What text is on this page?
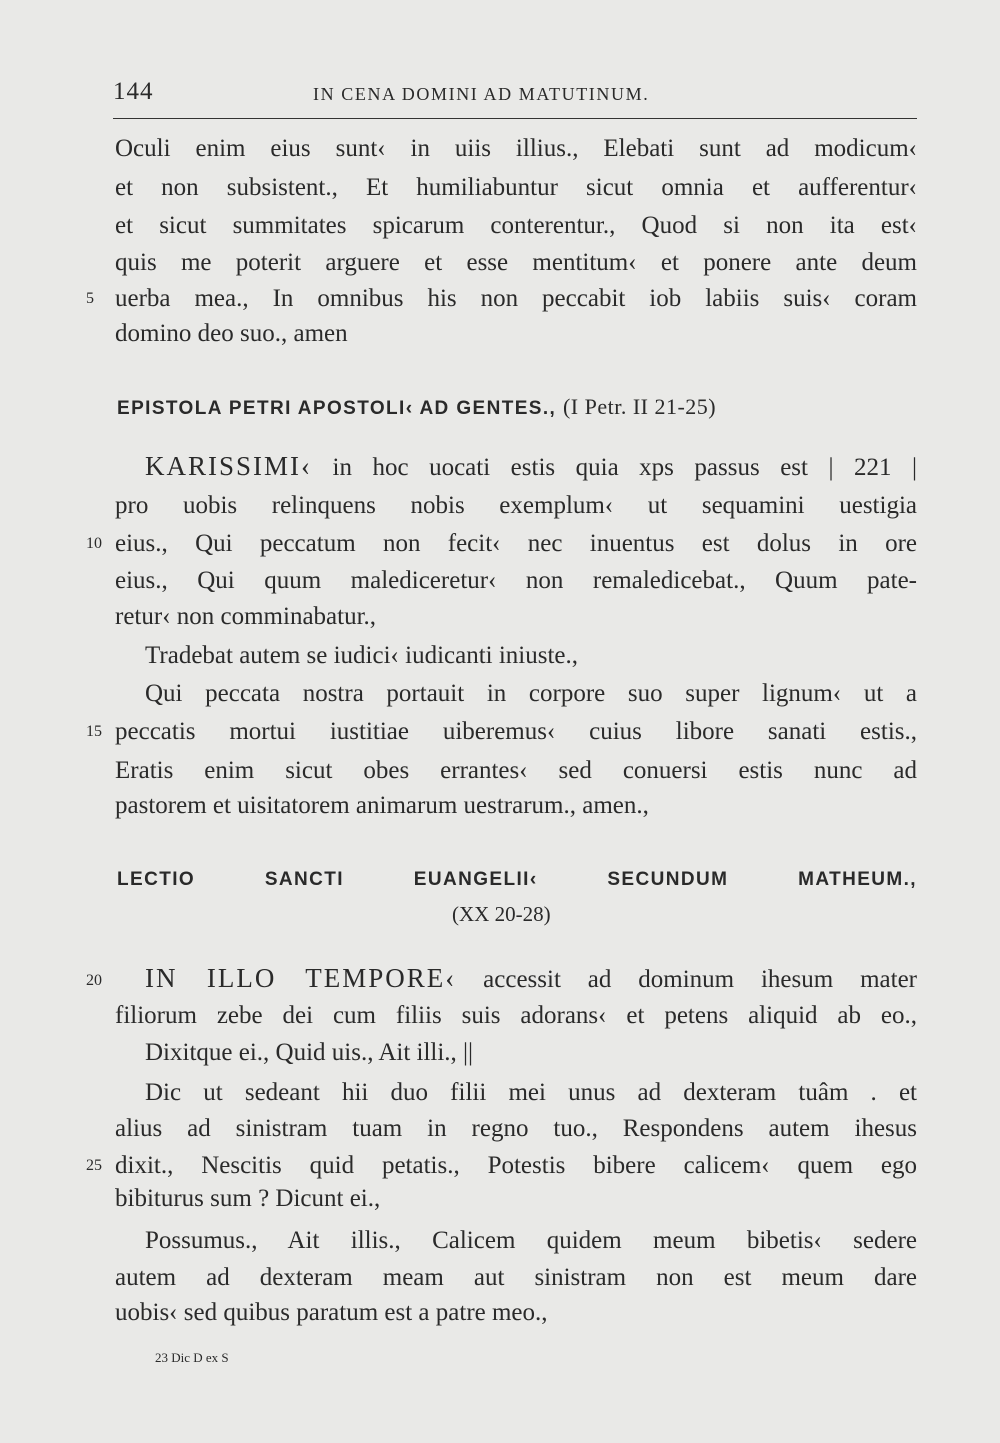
144	IN CENA DOMINI AD MATUTINUM.
Oculi enim eius sunt‹ in uiis illius., Elebati sunt ad modicum‹
et non subsistent., Et humiliabuntur sicut omnia et aufferentur‹
et sicut summitates spicarum conterentur., Quod si non ita est‹
quis me poterit arguere et esse mentitum‹ et ponere ante deum
5 uerba mea., In omnibus his non peccabit iob labiis suis‹ coram
domino deo suo., amen
EPISTOLA PETRI APOSTOLI‹ AD GENTES., (I Petr. II 21-25)
KARISSIMI‹ in hoc uocati estis quia xps passus est | 221 |
pro uobis relinquens nobis exemplum‹ ut sequamini uestigia
10 eius., Qui peccatum non fecit‹ nec inuentus est dolus in ore
eius., Qui quum malediceretur‹ non remaledicebat., Quum pate-
retur‹ non comminabatur.,
Tradebat autem se iudici‹ iudicanti iniuste.,
Qui peccata nostra portauit in corpore suo super lignum‹ ut a
15 peccatis mortui iustitiae uiberemus‹ cuius libore sanati estis.,
Eratis enim sicut obes errantes‹ sed conuersi estis nunc ad
pastorem et uisitatorem animarum uestrarum., amen.,
LECTIO SANCTI EUANGELII‹ SECUNDUM MATHEUM.,
(XX 20-28)
20	IN ILLO TEMPORE‹ accessit ad dominum ihesum mater
filiorum zebe dei cum filiis suis adorans‹ et petens aliquid ab eo.,
Dixitque ei., Quid uis., Ait illi., ||
Dic ut sedeant hii duo filii mei unus ad dexteram tuâm . et
alius ad sinistram tuam in regno tuo., Respondens autem ihesus
25 dixit., Nescitis quid petatis., Potestis bibere calicem‹ quem ego
bibiturus sum ? Dicunt ei.,
Possumus., Ait illis., Calicem quidem meum bibetis‹ sedere
autem ad dexteram meam aut sinistram non est meum dare
uobis‹ sed quibus paratum est a patre meo.,
23 Dic D ex S
